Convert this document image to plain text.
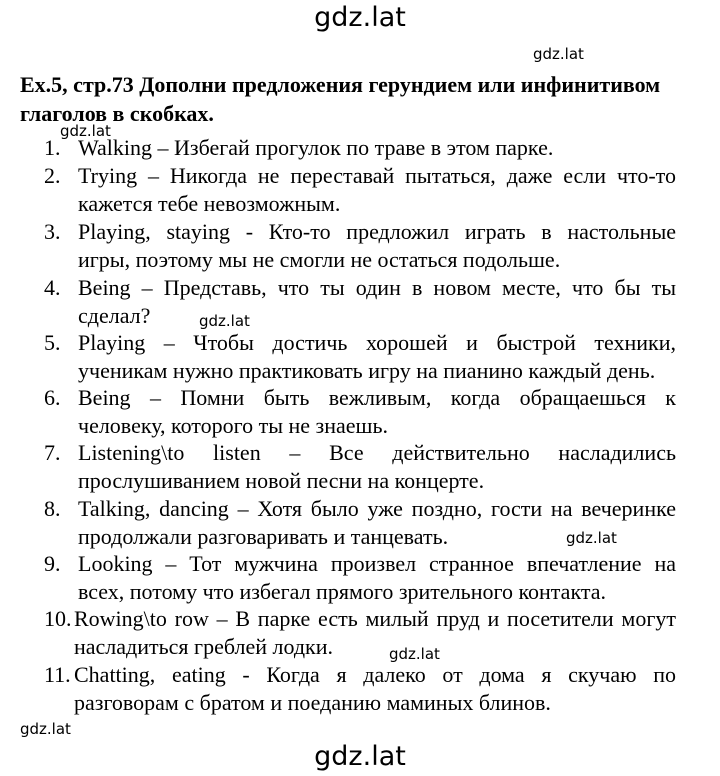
gdz.lat
gdz.lat
gdz.lat
gdz.lat
gdz.lat
gdz.lat
gdz.lat
gdz.lat
Ex.5, стр.73 Дополни предложения герундием или инфинитивом глаголов в скобках.
1. Walking – Избегай прогулок по траве в этом парке.
2. Trying – Никогда не переставай пытаться, даже если что-то
кажется тебе невозможным.
3. Playing, staying - Кто-то предложил играть в настольные
игры, поэтому мы не смогли не остаться подольше.
4. Being – Представь, что ты один в новом месте, что бы ты
сделал?
5. Playing – Чтобы достичь хорошей и быстрой техники,
ученикам нужно практиковать игру на пианино каждый день.
6. Being – Помни быть вежливым, когда обращаешься к
человеку, которого ты не знаешь.
7. Listening\to listen – Все действительно насладились
прослушиванием новой песни на концерте.
8. Talking, dancing – Хотя было уже поздно, гости на вечеринке
продолжали разговаривать и танцевать.
9. Looking – Тот мужчина произвел странное впечатление на
всех, потому что избегал прямого зрительного контакта.
10. Rowing\to row – В парке есть милый пруд и посетители могут
насладиться греблей лодки.
11. Chatting, eating - Когда я далеко от дома я скучаю по
разговорам с братом и поеданию маминых блинов.
